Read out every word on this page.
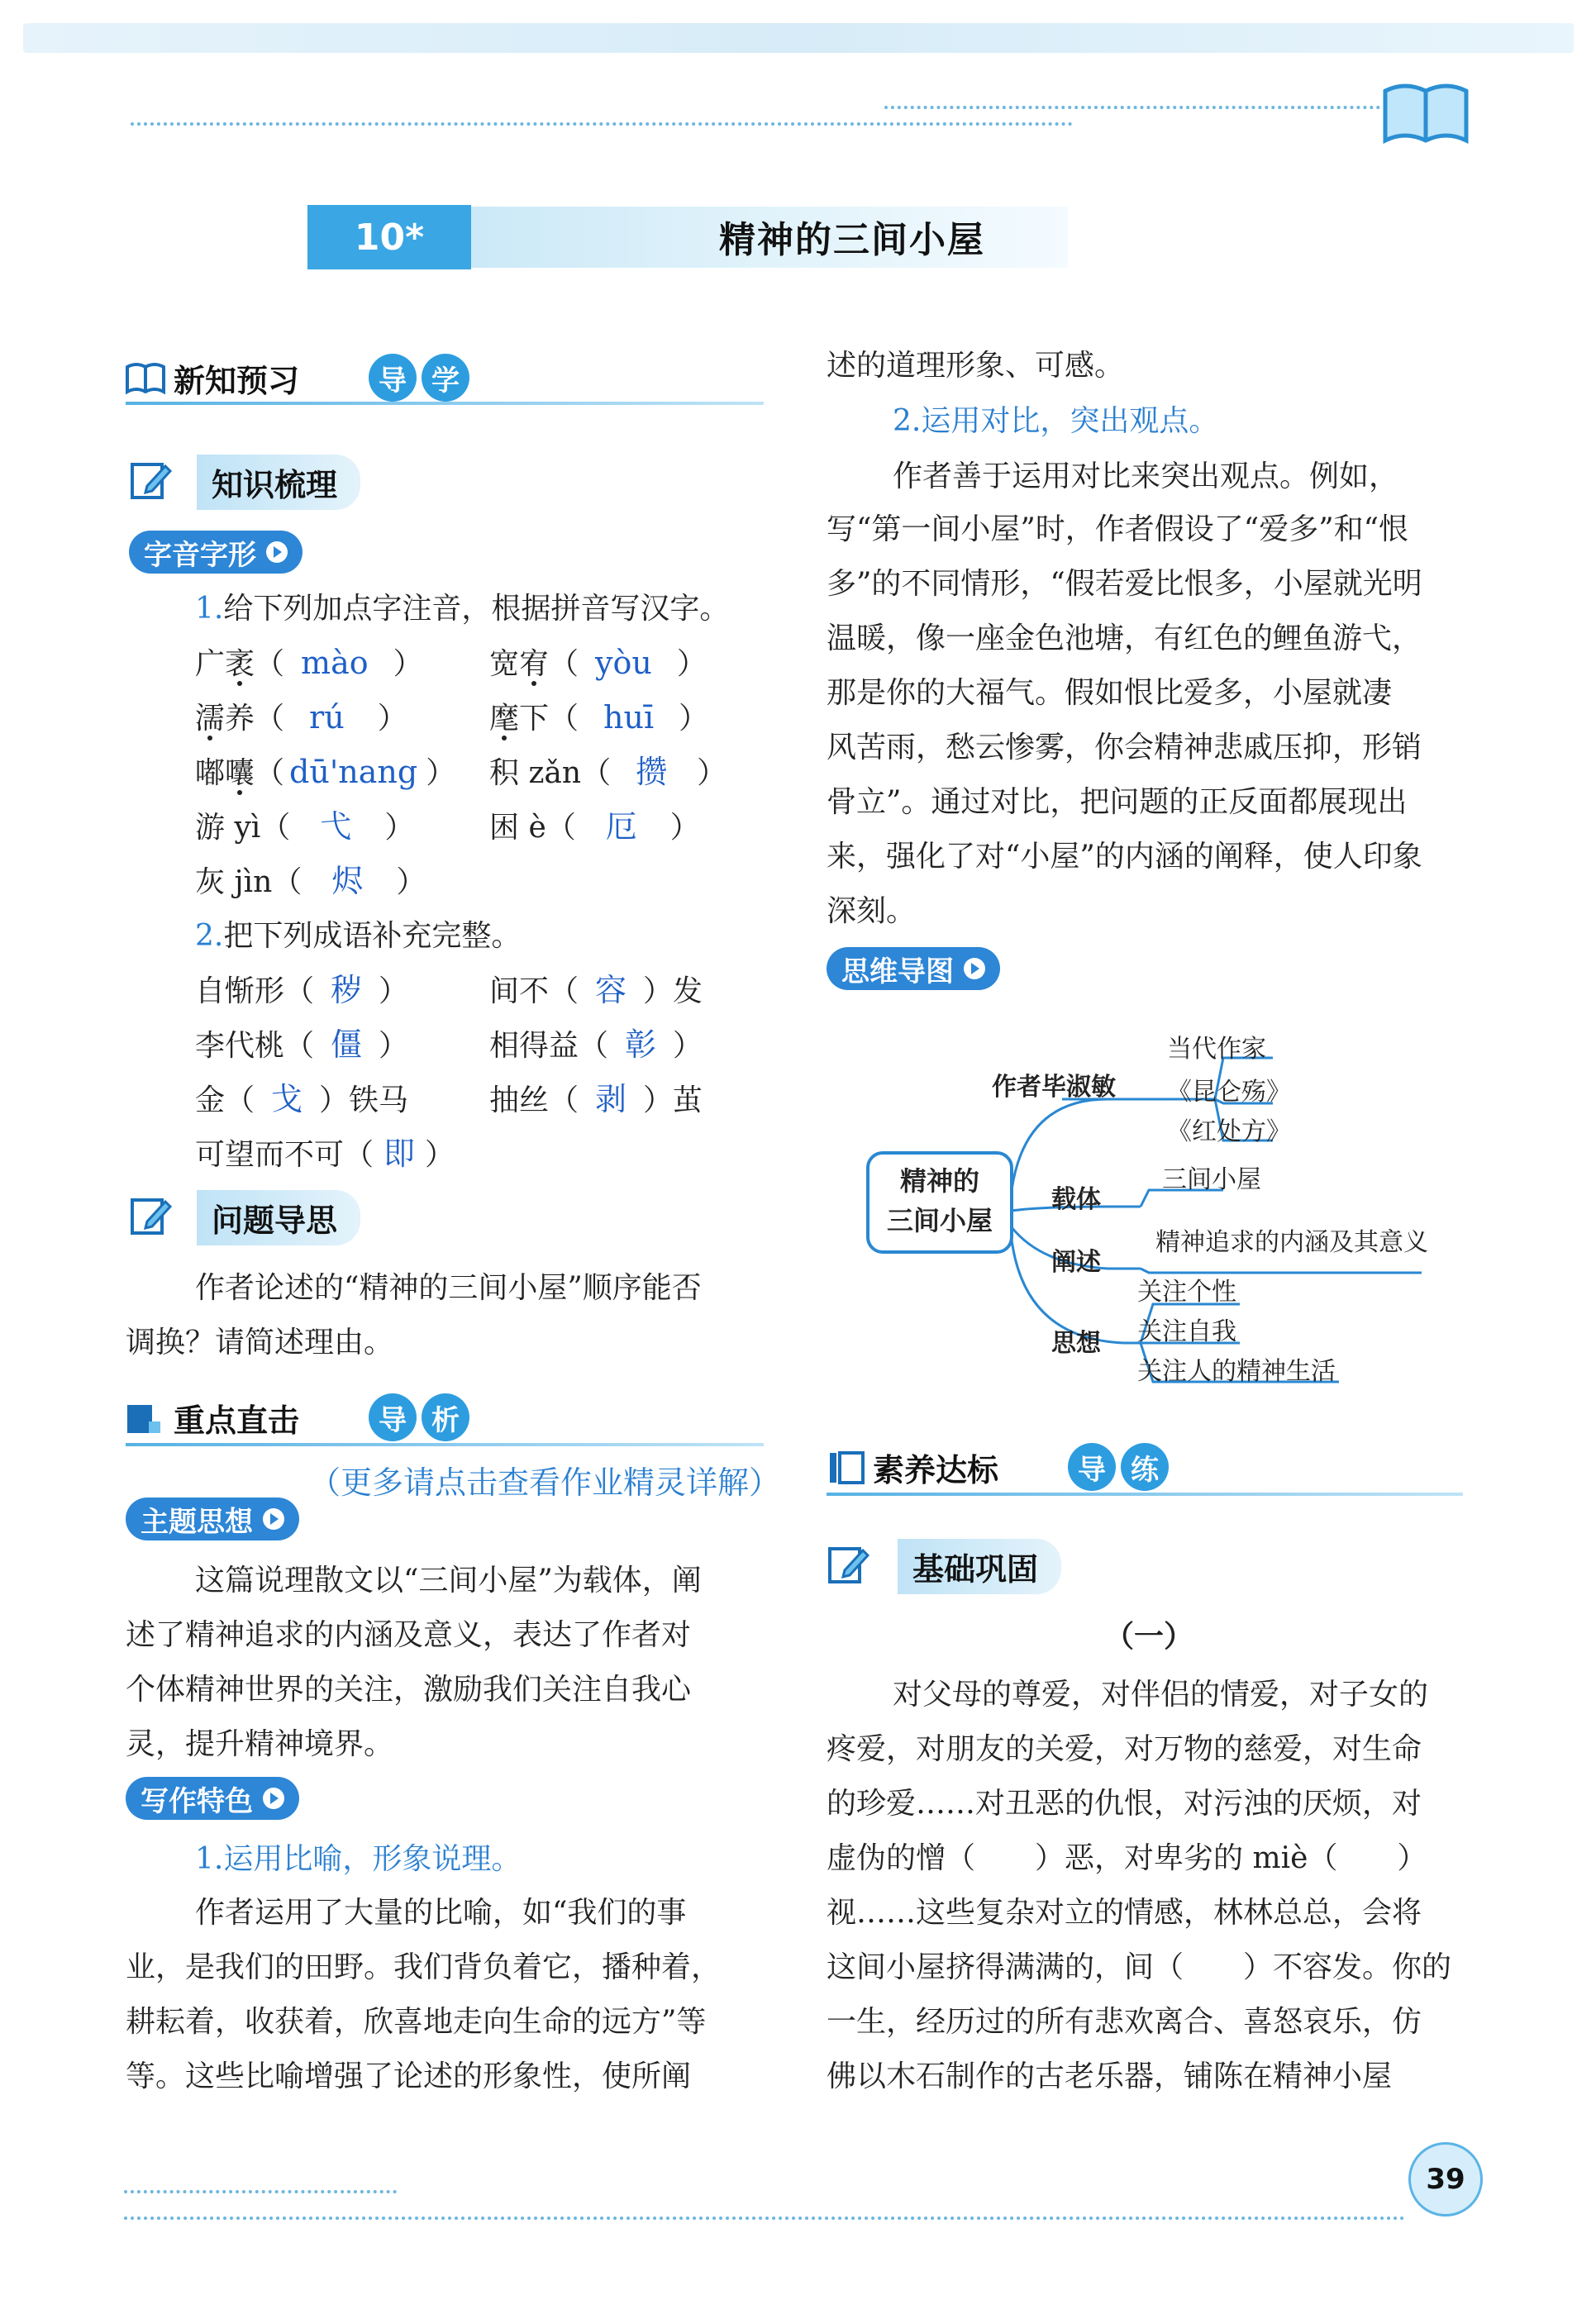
10*	精神的三间小屋
新知预习	导 学
知识梳理
字音字形
1.给下列加点字注音，根据拼音写汉字。
广袤（ mào ） 宽宥（ yòu ）
濡养（ rú ）	麾下（ huī ）
嘟囔（ dū'nang ） 积 zǎn（ 攒 ）
游 yì（ 弋 ）	困 è（ 厄 ）
灰 jìn（ 烬 ）
2.把下列成语补充完整。
自惭形（ 秽 ）	间不（ 容 ）发
李代桃（ 僵 ）	相得益（ 彰 ）
金（ 戈 ）铁马	抽丝（ 剥 ）茧
可望而不可（ 即 ）
问题导思
作者论述的“精神的三间小屋”顺序能否
调换？请简述理由。
重点直击	导 析
（更多请点击查看作业精灵详解）
主题思想
这篇说理散文以“三间小屋”为载体，阐
述了精神追求的内涵及意义，表达了作者对
个体精神世界的关注，激励我们关注自我心
灵，提升精神境界。
写作特色
1.运用比喻，形象说理。
作者运用了大量的比喻，如“我们的事
业，是我们的田野。我们背负着它，播种着，
耕耘着，收获着，欣喜地走向生命的远方”等
等。这些比喻增强了论述的形象性，使所阐
述的道理形象、可感。
2.运用对比，突出观点。
作者善于运用对比来突出观点。例如，
写“第一间小屋”时，作者假设了“爱多”和“恨
多”的不同情形，“假若爱比恨多，小屋就光明
温暖，像一座金色池塘，有红色的鲤鱼游弋，
那是你的大福气。假如恨比爱多，小屋就凄
风苦雨，愁云惨雾，你会精神悲戚压抑，形销
骨立”。通过对比，把问题的正反面都展现出
来，强化了对“小屋”的内涵的阐释，使人印象
深刻。
思维导图
精神的
三间小屋
作者毕淑敏
当代作家
《昆仑殇》
《红处方》
载体
三间小屋
阐述
精神追求的内涵及其意义
思想
关注个性
关注自我
关注人的精神生活
素养达标	导 练
基础巩固
（一）
对父母的尊爱，对伴侣的情爱，对子女的
疼爱，对朋友的关爱，对万物的慈爱，对生命
的珍爱……对丑恶的仇恨，对污浊的厌烦，对
虚伪的憎（　　）恶，对卑劣的 miè（　　）
视……这些复杂对立的情感，林林总总，会将
这间小屋挤得满满的，间（　　）不容发。你的
一生，经历过的所有悲欢离合、喜怒哀乐，仿
佛以木石制作的古老乐器，铺陈在精神小屋
39
